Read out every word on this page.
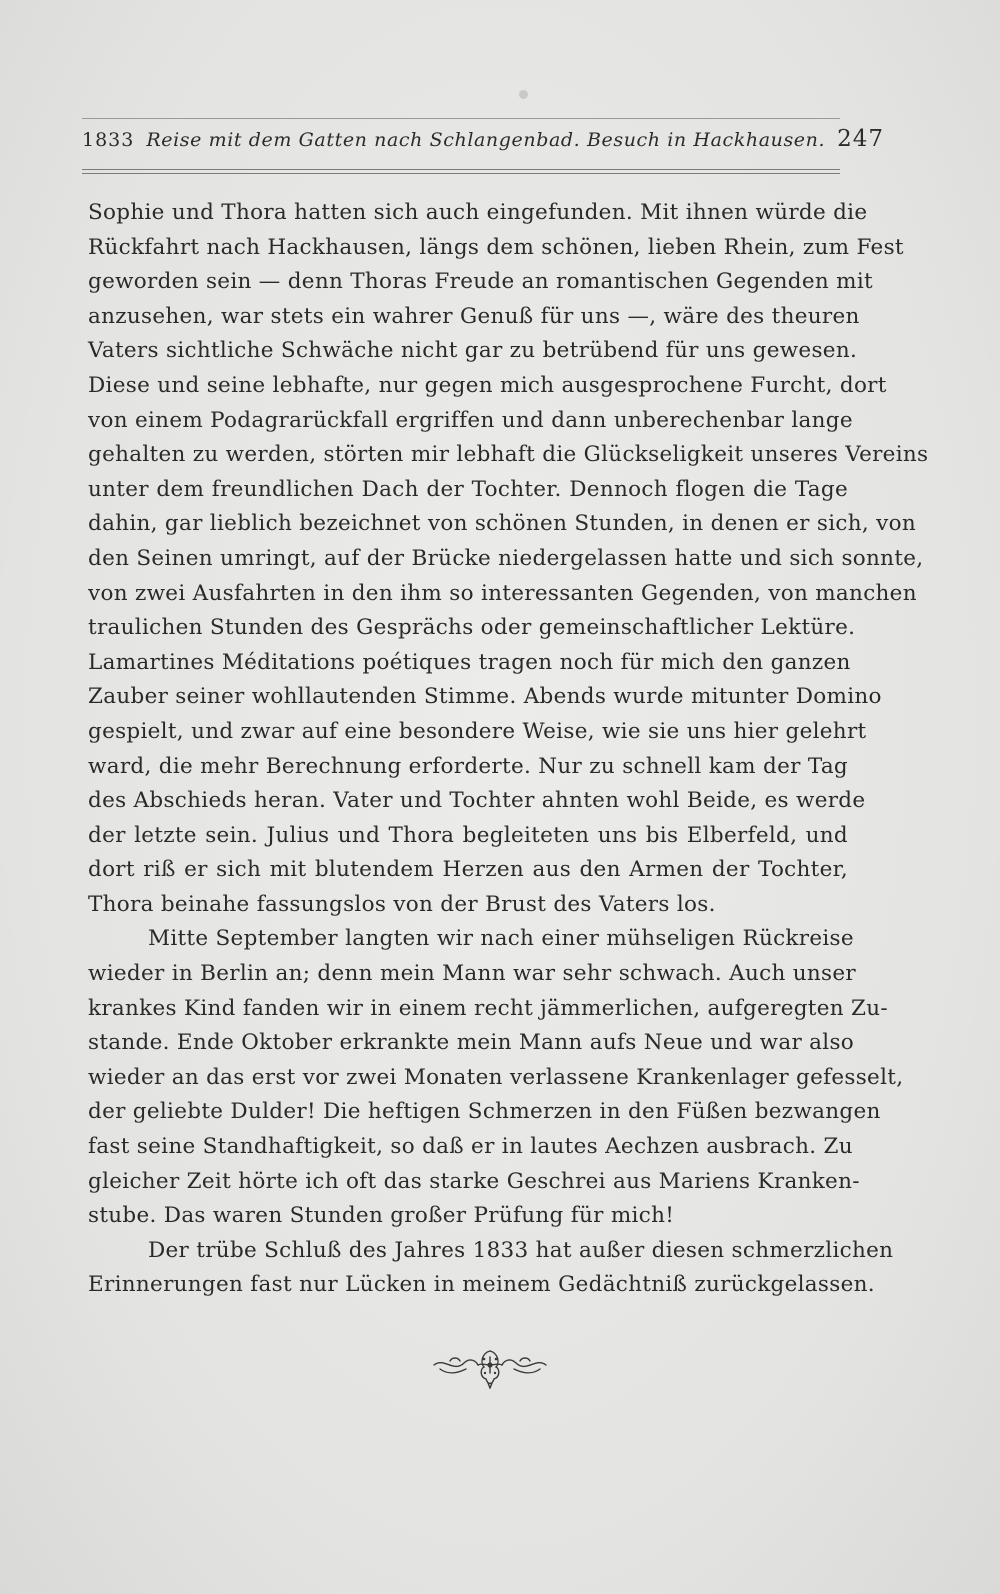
1833 Reise mit dem Gatten nach Schlangenbad. Besuch in Hackhausen. 247
Sophie und Thora hatten sich auch eingefunden. Mit ihnen würde die
Rückfahrt nach Hackhausen, längs dem schönen, lieben Rhein, zum Fest
geworden sein — denn Thoras Freude an romantischen Gegenden mit
anzusehen, war stets ein wahrer Genuß für uns —, wäre des theuren
Vaters sichtliche Schwäche nicht gar zu betrübend für uns gewesen.
Diese und seine lebhafte, nur gegen mich ausgesprochene Furcht, dort
von einem Podagrarückfall ergriffen und dann unberechenbar lange
gehalten zu werden, störten mir lebhaft die Glückseligkeit unseres Vereins
unter dem freundlichen Dach der Tochter. Dennoch flogen die Tage
dahin, gar lieblich bezeichnet von schönen Stunden, in denen er sich, von
den Seinen umringt, auf der Brücke niedergelassen hatte und sich sonnte,
von zwei Ausfahrten in den ihm so interessanten Gegenden, von manchen
traulichen Stunden des Gesprächs oder gemeinschaftlicher Lektüre.
Lamartines Méditations poétiques tragen noch für mich den ganzen
Zauber seiner wohllautenden Stimme. Abends wurde mitunter Domino
gespielt, und zwar auf eine besondere Weise, wie sie uns hier gelehrt
ward, die mehr Berechnung erforderte. Nur zu schnell kam der Tag
des Abschieds heran. Vater und Tochter ahnten wohl Beide, es werde
der letzte sein. Julius und Thora begleiteten uns bis Elberfeld, und
dort riß er sich mit blutendem Herzen aus den Armen der Tochter,
Thora beinahe fassungslos von der Brust des Vaters los.
Mitte September langten wir nach einer mühseligen Rückreise
wieder in Berlin an; denn mein Mann war sehr schwach. Auch unser
krankes Kind fanden wir in einem recht jämmerlichen, aufgeregten Zu-
stande. Ende Oktober erkrankte mein Mann aufs Neue und war also
wieder an das erst vor zwei Monaten verlassene Krankenlager gefesselt,
der geliebte Dulder! Die heftigen Schmerzen in den Füßen bezwangen
fast seine Standhaftigkeit, so daß er in lautes Aechzen ausbrach. Zu
gleicher Zeit hörte ich oft das starke Geschrei aus Mariens Kranken-
stube. Das waren Stunden großer Prüfung für mich!
Der trübe Schluß des Jahres 1833 hat außer diesen schmerzlichen
Erinnerungen fast nur Lücken in meinem Gedächtniß zurückgelassen.
